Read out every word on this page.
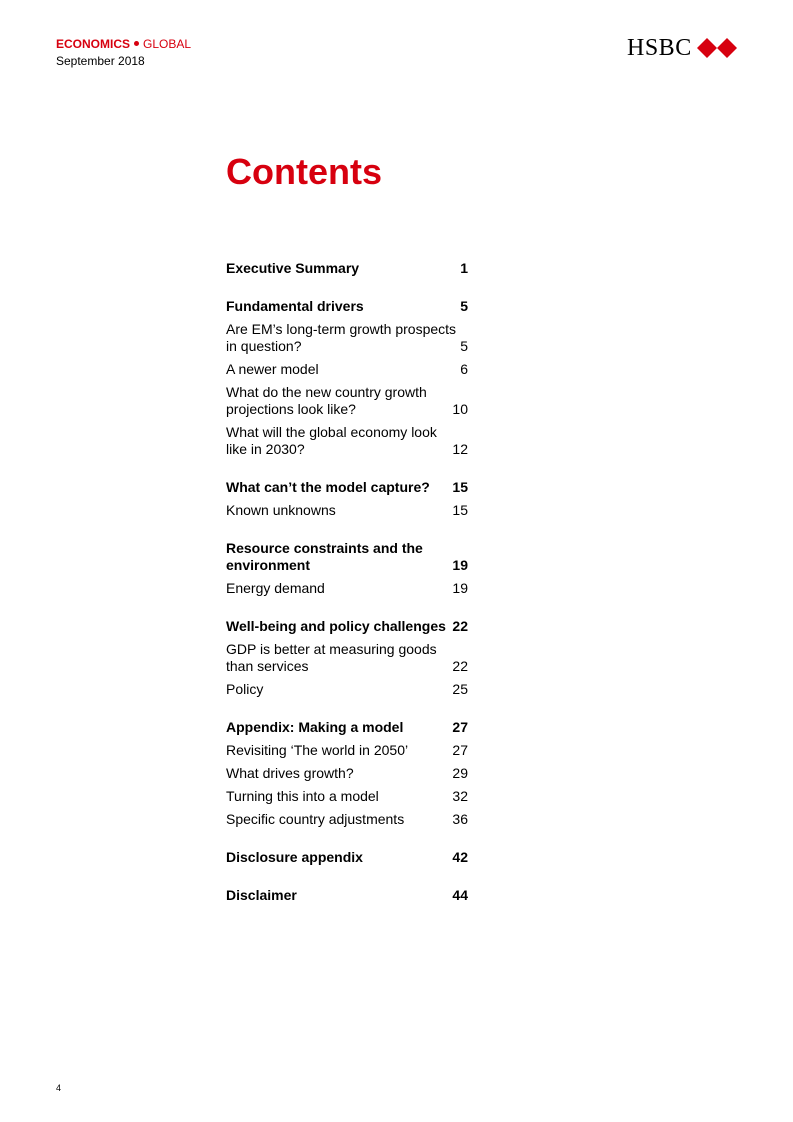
ECONOMICS GLOBAL
September 2018	HSBC
Contents
Executive Summary	1
Fundamental drivers	5
Are EM’s long-term growth prospects in question?	5
A newer model	6
What do the new country growth projections look like?	10
What will the global economy look like in 2030?	12
What can’t the model capture?	15
Known unknowns	15
Resource constraints and the environment	19
Energy demand	19
Well-being and policy challenges 22
GDP is better at measuring goods than services	22
Policy	25
Appendix: Making a model	27
Revisiting ‘The world in 2050’	27
What drives growth?	29
Turning this into a model	32
Specific country adjustments	36
Disclosure appendix	42
Disclaimer	44
4
